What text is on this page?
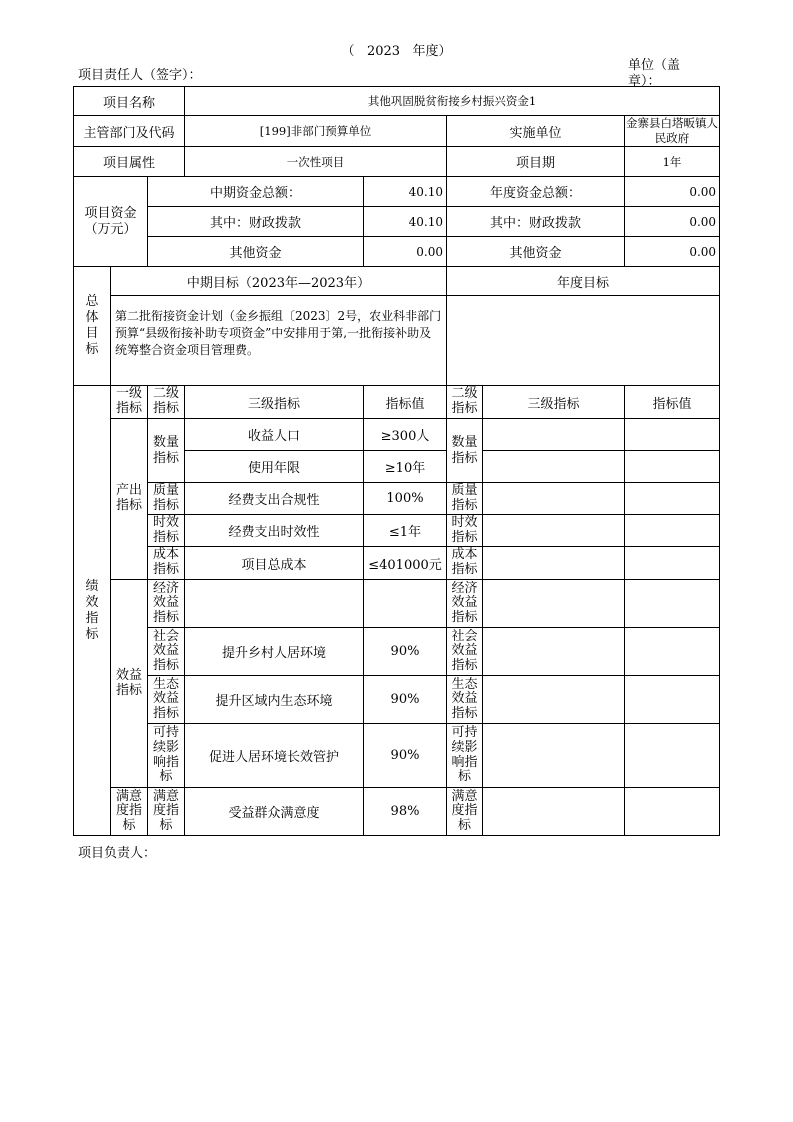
（ 2023 年度）
项目责任人（签字）：
单位（盖章）：
项目名称			其他巩固脱贫衔接乡村振兴资金1				
主管部门及代码			[199]非部门预算单位		实施单位		金寨县白塔畈镇人民政府
项目属性			一次性项目		项目期		1年

项目资金（万元）		中期资金总额：		40.10	年度资金总额：		0.00
		其中：财政拨款		40.10	其中：财政拨款		0.00
		其他资金		0.00	其他资金		0.00

总体目标	中期目标（2023年—2023年）				年度目标		
	第二批衔接资金计划（金乡振组〔2023〕2号，农业科非部门预算“县级衔接补助专项资金”中安排用于第,一批衔接补助及统筹整合资金项目管理费。						

绩效指标	一级指标	二级指标	三级指标	指标值	二级指标	三级指标	指标值

	产出指标	数量指标	收益人口	≥300人	数量指标		

			使用年限	≥10年			

		质量指标	经费支出合规性	100%	质量指标		

		时效指标	经费支出时效性	≤1年	时效指标		

		成本指标	项目总成本	≤401000元	成本指标		

	效益指标	经济效益指标			经济效益指标		

		社会效益指标	提升乡村人居环境	90%	社会效益指标		

		生态效益指标	提升区域内生态环境	90%	生态效益指标		

		可持续影响指标	促进人居环境长效管护	90%	可持续影响指标		

	满意度指标	满意度指标	受益群众满意度	98%	满意度指标		

项目负责人：
